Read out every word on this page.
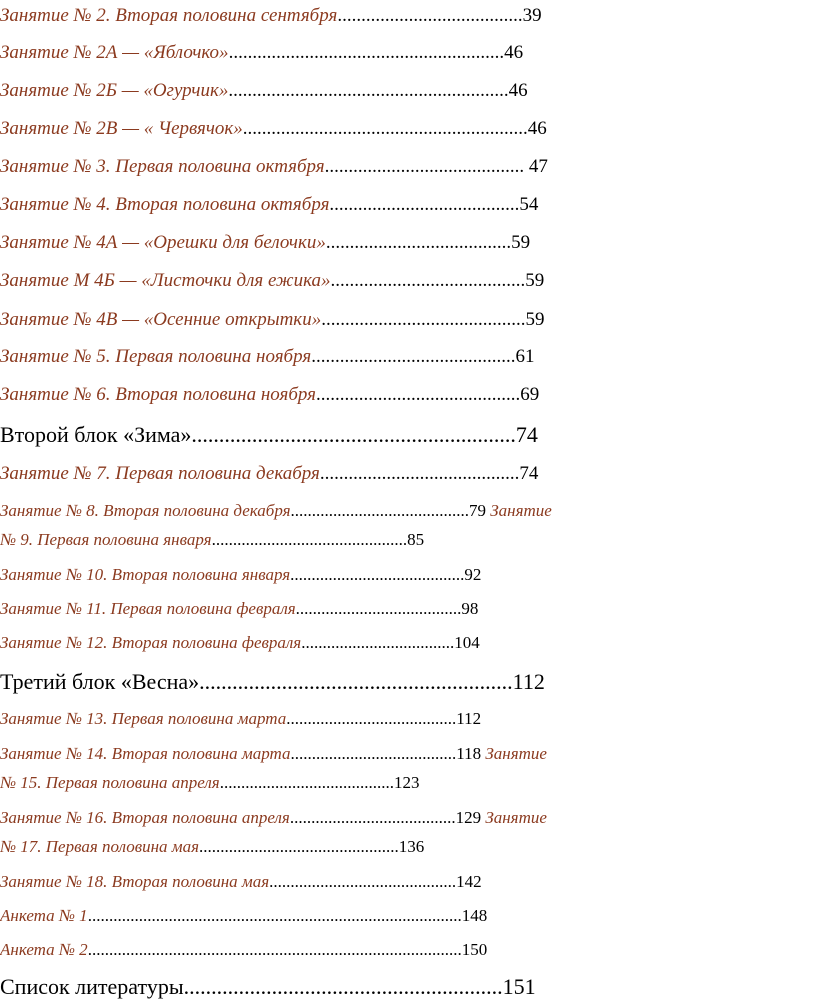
Занятие № 2. Вторая половина сентября.......................................39
Занятие № 2А — «Яблочко»..........................................................46
Занятие № 2Б — «Огурчик»...........................................................46
Занятие № 2В — « Червячок»............................................................46
Занятие № 3. Первая половина октября.......................................... 47
Занятие № 4. Вторая половина октября........................................54
Занятие № 4А — «Орешки для белочки».......................................59
Занятие М 4Б — «Листочки для ежика».........................................59
Занятие № 4В — «Осенние открытки»...........................................59
Занятие № 5. Первая половина ноября...........................................61
Занятие № 6. Вторая половина ноября...........................................69
Второй блок «Зима»...........................................................74
Занятие № 7. Первая половина декабря..........................................74
Занятие № 8. Вторая половина декабря..........................................79 Занятие
№ 9. Первая половина января..............................................85
Занятие № 10. Вторая половина января.........................................92
Занятие № 11. Первая половина февраля.......................................98
Занятие № 12. Вторая половина февраля....................................104
Третий блок «Весна».........................................................112
Занятие № 13. Первая половина марта........................................112
Занятие № 14. Вторая половина марта.......................................118 Занятие
№ 15. Первая половина апреля.........................................123
Занятие № 16. Вторая половина апреля.......................................129 Занятие
№ 17. Первая половина мая...............................................136
Занятие № 18. Вторая половина мая............................................142
Анкета № 1........................................................................................148
Анкета № 2........................................................................................150
Список литературы..........................................................151
